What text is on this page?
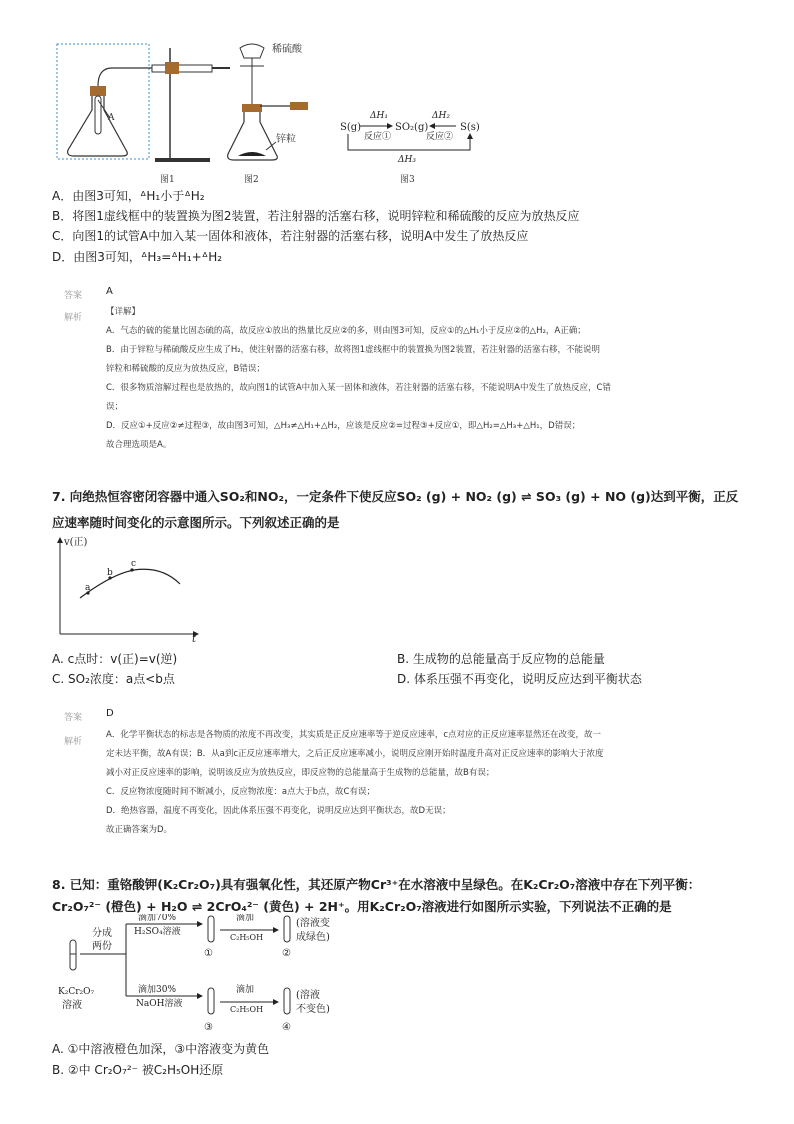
A
稀硫酸
锌粒
S(g)	SO₂(g)	S(s)
ΔH₁	ΔH₂
反应①	反应②
ΔH₃
图1	图2	图3
A．由图3可知，ᐞH₁小于ᐞH₂
B．将图1虚线框中的装置换为图2装置，若注射器的活塞右移，说明锌粒和稀硫酸的反应为放热反应
C．向图1的试管A中加入某一固体和液体，若注射器的活塞右移，说明A中发生了放热反应
D．由图3可知，ᐞH₃=ᐞH₁+ᐞH₂
答案 A
解析
【详解】
A．气态的硫的能量比固态硫的高，故反应①放出的热量比反应②的多，则由图3可知，反应①的△H₁小于反应②的△H₂，A正确；
B．由于锌粒与稀硫酸反应生成了H₂，使注射器的活塞右移，故将图1虚线框中的装置换为图2装置，若注射器的活塞右移，不能说明
锌粒和稀硫酸的反应为放热反应，B错误；
C．很多物质溶解过程也是放热的，故向图1的试管A中加入某一固体和液体，若注射器的活塞右移，不能说明A中发生了放热反应，C错
误；
D．反应①+反应②≠过程③，故由图3可知，△H₃≠△H₁+△H₂，应该是反应②=过程③+反应①，即△H₂=△H₃+△H₁，D错误；
故合理选项是A。
7. 向绝热恒容密闭容器中通入SO₂和NO₂，一定条件下使反应SO₂ (g) + NO₂ (g) ⇌ SO₃ (g) + NO (g)达到平衡，正反
应速率随时间变化的示意图所示。下列叙述正确的是
v(正)
t
a
b
c
A. c点时：v(正)=v(逆)	B. 生成物的总能量高于反应物的总能量
C. SO₂浓度：a点<b点	D. 体系压强不再变化，说明反应达到平衡状态
答案 D
解析
A．化学平衡状态的标志是各物质的浓度不再改变，其实质是正反应速率等于逆反应速率，c点对应的正反应速率显然还在改变，故一
定未达平衡，故A有误；B．从a到c正反应速率增大，之后正反应速率减小，说明反应刚开始时温度升高对正反应速率的影响大于浓度
减小对正反应速率的影响，说明该反应为放热反应，即反应物的总能量高于生成物的总能量，故B有误；
C．反应物浓度随时间不断减小，反应物浓度：a点大于b点，故C有误；
D．绝热容器，温度不再变化，因此体系压强不再变化，说明反应达到平衡状态，故D无误；
故正确答案为D。
8. 已知：重铬酸钾(K₂Cr₂O₇)具有强氧化性，其还原产物Cr³⁺在水溶液中呈绿色。在K₂Cr₂O₇溶液中存在下列平衡：
Cr₂O₇²⁻ (橙色) + H₂O ⇌ 2CrO₄²⁻ (黄色) + 2H⁺。用K₂Cr₂O₇溶液进行如图所示实验，下列说法不正确的是
K₂Cr₂O₇
溶液
分成
两份
滴加70%
H₂SO₄溶液
滴加30%
NaOH溶液
①
③
滴加
C₂H₅OH
滴加
C₂H₅OH
②
(溶液变
成绿色)
④
(溶液
不变色)
A. ①中溶液橙色加深，③中溶液变为黄色
B. ②中 Cr₂O₇²⁻ 被C₂H₅OH还原
